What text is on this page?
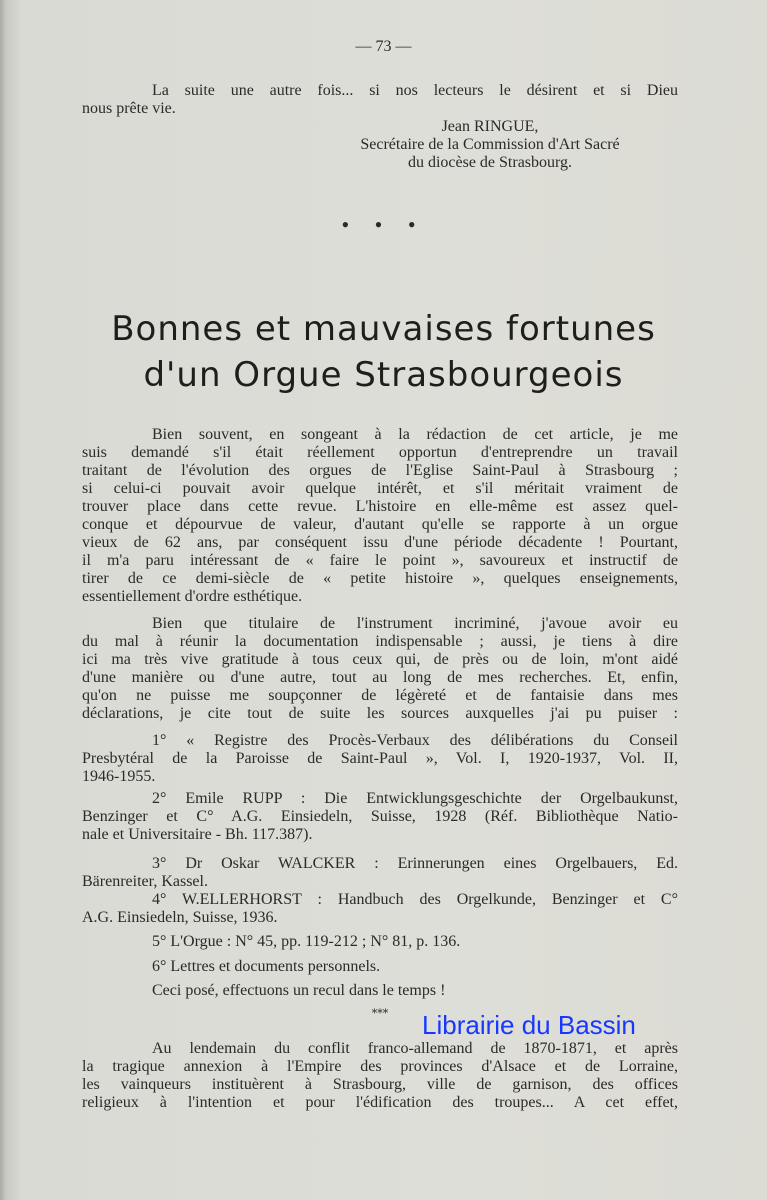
— 73 —
La suite une autre fois... si nos lecteurs le désirent et si Dieu
nous prête vie.
Jean RINGUE,
Secrétaire de la Commission d'Art Sacré
du diocèse de Strasbourg.
• • •
Bonnes et mauvaises fortunes
d'un Orgue Strasbourgeois
Bien souvent, en songeant à la rédaction de cet article, je me
suis demandé s'il était réellement opportun d'entreprendre un travail
traitant de l'évolution des orgues de l'Eglise Saint-Paul à Strasbourg ;
si celui-ci pouvait avoir quelque intérêt, et s'il méritait vraiment de
trouver place dans cette revue. L'histoire en elle-même est assez quel-
conque et dépourvue de valeur, d'autant qu'elle se rapporte à un orgue
vieux de 62 ans, par conséquent issu d'une période décadente ! Pourtant,
il m'a paru intéressant de « faire le point », savoureux et instructif de
tirer de ce demi-siècle de « petite histoire », quelques enseignements,
essentiellement d'ordre esthétique.
Bien que titulaire de l'instrument incriminé, j'avoue avoir eu
du mal à réunir la documentation indispensable ; aussi, je tiens à dire
ici ma très vive gratitude à tous ceux qui, de près ou de loin, m'ont aidé
d'une manière ou d'une autre, tout au long de mes recherches. Et, enfin,
qu'on ne puisse me soupçonner de légèreté et de fantaisie dans mes
déclarations, je cite tout de suite les sources auxquelles j'ai pu puiser :
1° « Registre des Procès-Verbaux des délibérations du Conseil
Presbytéral de la Paroisse de Saint-Paul », Vol. I, 1920-1937, Vol. II,
1946-1955.
2° Emile RUPP : Die Entwicklungsgeschichte der Orgelbaukunst,
Benzinger et C° A.G. Einsiedeln, Suisse, 1928 (Réf. Bibliothèque Natio-
nale et Universitaire - Bh. 117.387).
3° Dr Oskar WALCKER : Erinnerungen eines Orgelbauers, Ed.
Bärenreiter, Kassel.
4° W.ELLERHORST : Handbuch des Orgelkunde, Benzinger et C°
A.G. Einsiedeln, Suisse, 1936.
5° L'Orgue : N° 45, pp. 119-212 ; N° 81, p. 136.
6° Lettres et documents personnels.
Ceci posé, effectuons un recul dans le temps !
⁎⁎⁎ Librairie du Bassin
Au lendemain du conflit franco-allemand de 1870-1871, et après
la tragique annexion à l'Empire des provinces d'Alsace et de Lorraine,
les vainqueurs instituèrent à Strasbourg, ville de garnison, des offices
religieux à l'intention et pour l'édification des troupes... A cet effet,
